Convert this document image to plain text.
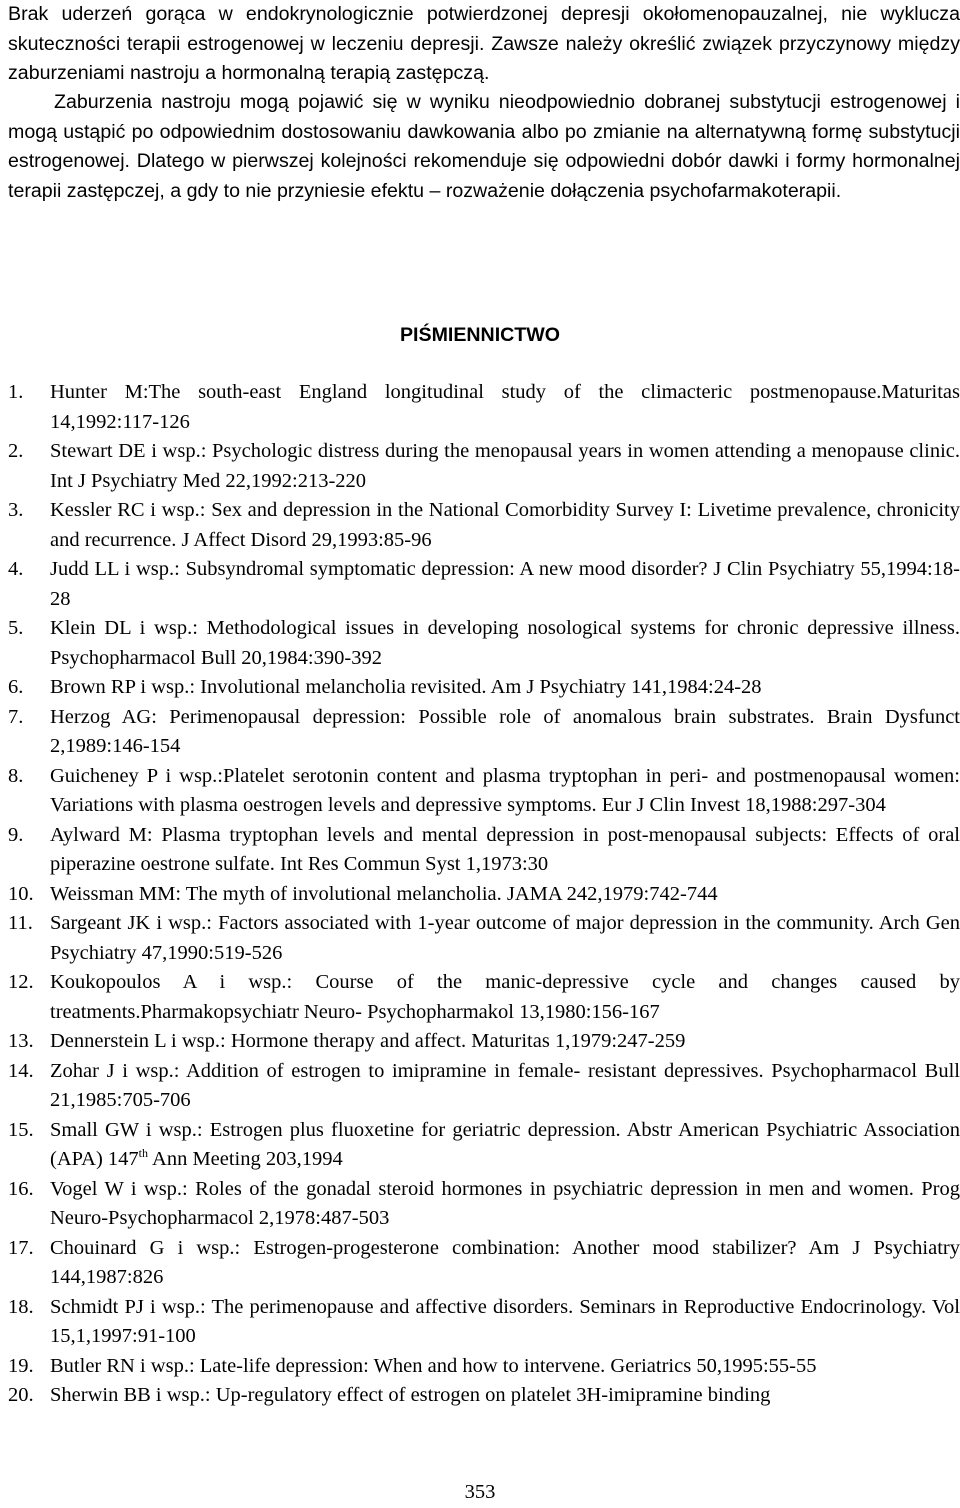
Brak uderzeń gorąca w endokrynologicznie potwierdzonej depresji okołomenopauzalnej, nie wyklucza skuteczności terapii estrogenowej w leczeniu depresji. Zawsze należy określić związek przyczynowy między zaburzeniami nastroju a hormonalną terapią zastępczą.

Zaburzenia nastroju mogą pojawić się w wyniku nieodpowiednio dobranej substytucji estrogenowej i mogą ustąpić po odpowiednim dostosowaniu dawkowania albo po zmianie na alternatywną formę substytucji estrogenowej. Dlatego w pierwszej kolejności rekomenduje się odpowiedni dobór dawki i formy hormonalnej terapii zastępczej, a gdy to nie przyniesie efektu – rozważenie dołączenia psychofarmakoterapii.

PIŚMIENNICTWO
1. Hunter M:The south-east England longitudinal study of the climacteric postmenopause.Maturitas 14,1992:117-126
2. Stewart DE i wsp.: Psychologic distress during the menopausal years in women attending a menopause clinic. Int J Psychiatry Med 22,1992:213-220
3. Kessler RC i wsp.: Sex and depression in the National Comorbidity Survey I: Livetime prevalence, chronicity and recurrence. J Affect Disord 29,1993:85-96
4. Judd LL i wsp.: Subsyndromal symptomatic depression: A new mood disorder? J Clin Psychiatry 55,1994:18-28
5. Klein DL i wsp.: Methodological issues in developing nosological systems for chronic depressive illness. Psychopharmacol Bull 20,1984:390-392
6. Brown RP i wsp.: Involutional melancholia revisited. Am J Psychiatry 141,1984:24-28
7. Herzog AG: Perimenopausal depression: Possible role of anomalous brain substrates. Brain Dysfunct 2,1989:146-154
8. Guicheney P i wsp.:Platelet serotonin content and plasma tryptophan in peri- and postmenopausal women: Variations with plasma oestrogen levels and depressive symptoms. Eur J Clin Invest 18,1988:297-304
9. Aylward M: Plasma tryptophan levels and mental depression in post-menopausal subjects: Effects of oral piperazine oestrone sulfate. Int Res Commun Syst 1,1973:30
10. Weissman MM: The myth of involutional melancholia. JAMA 242,1979:742-744
11. Sargeant JK i wsp.: Factors associated with 1-year outcome of major depression in the community. Arch Gen Psychiatry 47,1990:519-526
12. Koukopoulos A i wsp.: Course of the manic-depressive cycle and changes caused by treatments.Pharmakopsychiatr Neuro- Psychopharmakol 13,1980:156-167
13. Dennerstein L i wsp.: Hormone therapy and affect. Maturitas 1,1979:247-259
14. Zohar J i wsp.: Addition of estrogen to imipramine in female- resistant depressives. Psychopharmacol Bull 21,1985:705-706
15. Small GW i wsp.: Estrogen plus fluoxetine for geriatric depression. Abstr American Psychiatric Association (APA) 147th Ann Meeting 203,1994
16. Vogel W i wsp.: Roles of the gonadal steroid hormones in psychiatric depression in men and women. Prog Neuro-Psychopharmacol 2,1978:487-503
17. Chouinard G i wsp.: Estrogen-progesterone combination: Another mood stabilizer? Am J Psychiatry 144,1987:826
18. Schmidt PJ i wsp.: The perimenopause and affective disorders. Seminars in Reproductive Endocrinology. Vol 15,1,1997:91-100
19. Butler RN i wsp.: Late-life depression: When and how to intervene. Geriatrics 50,1995:55-55
20. Sherwin BB i wsp.: Up-regulatory effect of estrogen on platelet 3H-imipramine binding
353
